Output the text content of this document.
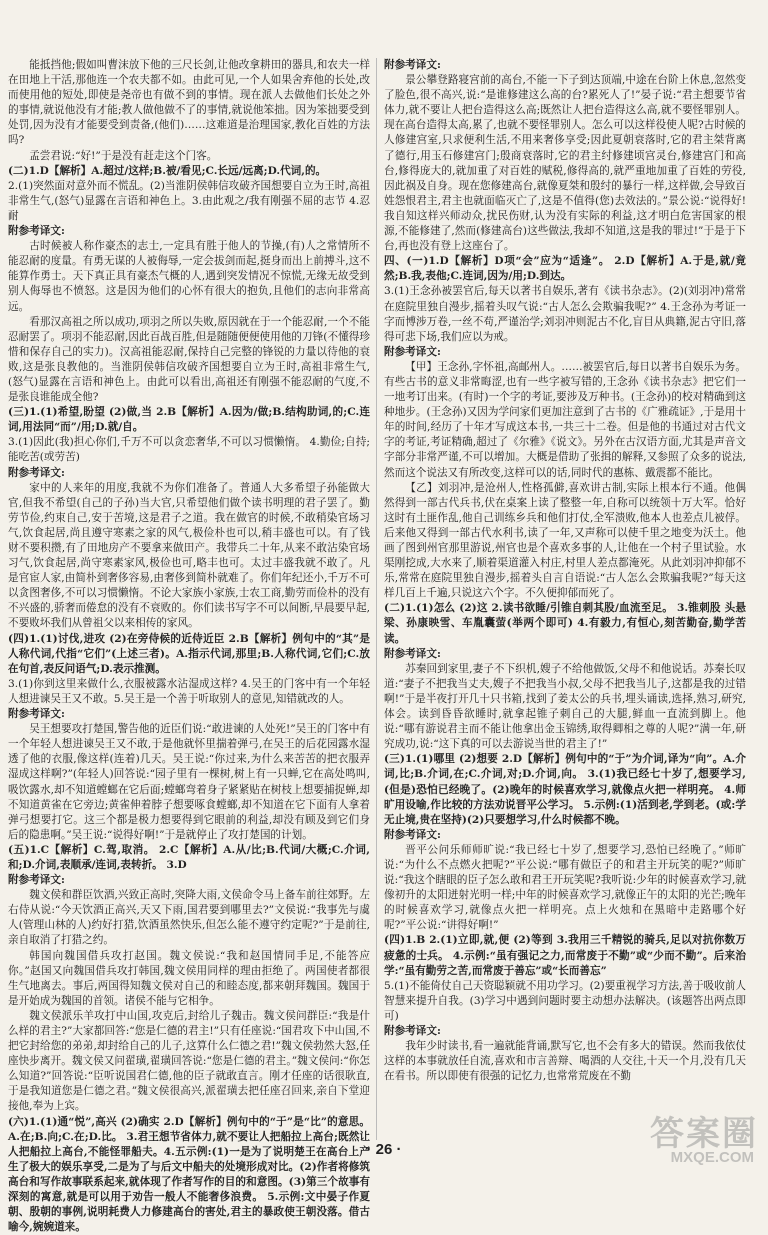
能抵挡他;假如叫曹沫放下他的三尺长剑,让他改拿耕田的器具,和农夫一样在田地上干活,那他连一个农夫都不如。由此可见,一个人如果舍弃他的长处,改而使用他的短处,即使是尧帝也有做不到的事情。现在派人去做他们长处之外的事情,就说他没有才能;教人做他做不了的事情,就说他笨拙。因为笨拙要受到处罚,因为没有才能要受到责备,(他们)……这难道是治理国家,教化百姓的方法吗?

孟尝君说:“好!”于是没有赶走这个门客。

(二)1.D【解析】A.超过/这样;B.被/看见;C.长远/远离;D.代词,的。

2.(1)突然面对意外而不慌乱。(2)当淮阴侯韩信攻破齐国想要自立为王时,高祖非常生气,(怒气)显露在言语和神色上。3.由此观之/我有刚强不屈的志节 4.忍耐

附参考译文:

古时候被人称作豪杰的志士,一定具有胜于他人的节操,(有)人之常情所不能忍耐的度量。有勇无谋的人被侮辱,一定会拔剑而起,挺身而出上前搏斗,这不能算作勇士。天下真正具有豪杰气概的人,遇到突发情况不惊慌,无缘无故受到别人侮辱也不愤怒。这是因为他们的心怀有很大的抱负,且他们的志向非常高远。

看那汉高祖之所以成功,项羽之所以失败,原因就在于一个能忍耐,一个不能忍耐罢了。项羽不能忍耐,因此百战百胜,但是随随便便使用他的刀锋(不懂得珍惜和保存自己的实力)。汉高祖能忍耐,保持自己完整的锋锐的力量以待他的衰败,这是张良教他的。当淮阴侯韩信攻破齐国想要自立为王时,高祖非常生气,(怒气)显露在言语和神色上。由此可以看出,高祖还有刚强不能忍耐的气度,不是张良谁能成全他?

(三)1.(1)希望,盼望 (2)做,当 2.B【解析】A.因为/做;B.结构助词,的;C.连词,用法同“而”/用;D.就/自。

3.(1)因此(我)担心你们,千万不可以贪恋奢华,不可以习惯懒惰。 4.勤俭;自持;能吃苦(或劳苦)

附参考译文:

家中的人来年的用度,我就不为你们准备了。普通人大多希望子孙能做大官,但我不希望(自己的子孙)当大官,只希望他们做个读书明理的君子罢了。勤劳节俭,约束自己,安于苦境,这是君子之道。我在做官的时候,不敢稍染官场习气,饮食起居,尚且遵守寒素之家的风气,极俭朴也可以,稍丰盛也可以。有了钱财不要积攒,有了田地房产不要拿来做田产。我带兵二十年,从来不敢沾染官场习气,饮食起居,尚守寒素家风,极俭也可,略丰也可。太过丰盛我就不敢了。凡是官宦人家,由简朴到奢侈容易,由奢侈到简朴就难了。你们年纪还小,千万不可以贪图奢侈,不可以习惯懒惰。不论大家族小家族,士农工商,勤劳而俭朴的没有不兴盛的,骄奢而倦怠的没有不衰败的。你们读书写字不可以间断,早晨要早起,不要败坏我们从曾祖父以来相传的家风。

(四)1.(1)讨伐,进攻 (2)在旁侍候的近侍近臣 2.B【解析】例句中的“其”是人称代词,代指“它们”(上述三者)。A.指示代词,那里;B.人称代词,它们;C.放在句首,表反问语气;D.表示推测。

3.(1)你到这里来做什么,衣服被露水沾湿成这样? 4.吴王的门客中有一个年轻人想进谏吴王又不敢。5.吴王是一个善于听取别人的意见,知错就改的人。

附参考译文:

吴王想要攻打楚国,警告他的近臣们说:“敢进谏的人处死!”吴王的门客中有一个年轻人想进谏吴王又不敢,于是他就怀里揣着弹弓,在吴王的后花园露水湿透了他的衣服,像这样(连着)几天。吴王说:“你过来,为什么来苦苦的把衣服弄湿成这样啊?”(年轻人)回答说:“园子里有一棵树,树上有一只蝉,它在高处鸣叫,吸饮露水,却不知道螳螂在它后面;螳螂弯着身子紧紧贴在树枝上想要捕捉蝉,却不知道黄雀在它旁边;黄雀伸着脖子想要啄食螳螂,却不知道在它下面有人拿着弹弓想要打它。这三个都是极力想要得到它眼前的利益,却没有顾及到它们身后的隐患啊。”吴王说:“说得好啊!”于是就停止了攻打楚国的计划。

(五)1.C【解析】C.驾,取消。 2.C【解析】A.从/比;B.代词/大概;C.介词,和;D.介词,表顺承/连词,表转折。 3.D

附参考译文:

魏文侯和群臣饮酒,兴致正高时,突降大雨,文侯命令马上备车前往郊野。左右侍从说:“今天饮酒正高兴,天又下雨,国君要到哪里去?”文侯说:“我事先与虞人(管理山林的人)约好打猎,饮酒虽然快乐,但怎么能不遵守约定呢?”于是前往,亲自取消了打猎之约。

韩国向魏国借兵攻打赵国。魏文侯说:“我和赵国情同手足,不能答应你。”赵国又向魏国借兵攻打韩国,魏文侯用同样的理由拒绝了。两国使者都很生气地离去。事后,两国得知魏文侯对自己的和睦态度,都来朝拜魏国。魏国于是开始成为魏国的首领。诸侯不能与它相争。

魏文侯派乐羊攻打中山国,攻克后,封给儿子魏击。魏文侯问群臣:“我是什么样的君主?”大家都回答:“您是仁德的君主!”只有任座说:“国君攻下中山国,不把它封给您的弟弟,却封给自己的儿子,这算什么仁德之君!”魏文侯勃然大怒,任座快步离开。魏文侯又问翟璜,翟璜回答说:“您是仁德的君主。”魏文侯问:“你怎么知道?”回答说:“臣听说国君仁德,他的臣子就敢直言。刚才任座的话很耿直,于是我知道您是仁德之君。”魏文侯很高兴,派翟璜去把任座召回来,亲自下堂迎接他,奉为上宾。

(六)1.(1)通“悦”,高兴 (2)确实 2.D【解析】例句中的“于”是“比”的意思。A.在;B.向;C.在;D.比。 3.君王想节省体力,就不要让人把船拉上高台;既然让人把船拉上高台,不能怪罪船夫。4.五示例:(1)一是为了说明楚王在高台上产生了极大的娱乐享受,二是为了与后文中船夫的处境形成对比。(2)作者将修筑高台和写作故事联系起来,就体现了作者写作的目的和意图。(3)第三个故事有深刻的寓意,就是可以用于劝告一般人不能奢侈浪费。 5.示例:文中晏子作夏朝、殷朝的事例,说明耗费人力修建高台的害处,君主的暴政使王朝没落。借古喻今,婉婉道来。

附参考译文:

景公攀登路寝宫前的高台,不能一下子到达顶端,中途在台阶上休息,忽然变了脸色,很不高兴,说:“是谁修建这么高的台?累死人了!”晏子说:“君主想要节省体力,就不要让人把台造得这么高;既然让人把台造得这么高,就不要怪罪别人。现在高台造得太高,累了,也就不要怪罪别人。怎么可以这样役使人呢?古时候的人修建宫室,只求便利生活,不用来奢侈享受;因此夏朝衰落时,它的君主桀背离了德行,用玉石修建宫门;殷商衰落时,它的君主纣修建顷宫灵台,修建宫门和高台,修得庞大的,就加重了对百姓的赋税,修得高的,就严重地加重了百姓的劳役,因此祸及自身。现在您修建高台,就像夏桀和殷纣的暴行一样,这样做,会导致百姓怨恨君主,君主也就面临灭亡了,这是不值得(您)去效法的。”景公说:“说得好!我自知这样兴师动众,扰民伤财,认为没有实际的利益,这才明白危害国家的根源,不能修建了,然而(修建高台)这些做法,我却不知道,这是我的罪过!”于是于下台,再也没有登上这座台了。

四、(一)1.D【解析】D项“会”应为“适逢”。 2.D【解析】A.于是,就/竟然;B.我,表他;C.连词,因为/用;D.到达。

3.(1)王念孙被罢官后,每天以著书自娱乐,著有《读书杂志》。(2)(刘羽冲)常常在庭院里独自漫步,摇着头叹气说:“古人怎么会欺骗我呢?” 4.王念孙为考证一字而博涉万卷,一丝不苟,严谨治学;刘羽冲则泥古不化,盲目从典籍,泥古守旧,落得可悲下场,我们应以为戒。

附参考译文:

【甲】王念孙,字怀祖,高邮州人。……被罢官后,每日以著书自娱乐为务。有些古书的意义非常晦涩,也有一些字被写错的,王念孙《读书杂志》把它们一一地考订出来。(有时)一个字的考证,要涉及万种书。(王念孙)的校对精确到这种地步。(王念孙)又因为学问家们更加注意到了古书的《广雅疏证》,于是用十年的时间,经历了十年才写成这本书,一共三十二卷。但是他的书通过对古代文字的考证,考证精确,超过了《尔雅》《说文》。另外在古汉语方面,尤其是声音文字部分非常严谨,不可以增加。大概是借助了张揖的解释,又参照了众多的说法,然而这个说法又有所改变,这样可以的话,同时代的惠栋、戴震都不能比。

【乙】刘羽冲,是沧州人,性格孤僻,喜欢讲古制,实际上根本行不通。他偶然得到一部古代兵书,伏在桌案上读了整整一年,自称可以统领十万大军。恰好这时有土匪作乱,他自己训练乡兵和他们打仗,全军溃败,他本人也差点儿被俘。后来他又得到一部古代水利书,读了一年,又声称可以使千里之地变为沃土。他画了图到州官那里游说,州官也是个喜欢多事的人,让他在一个村子里试验。水渠刚挖成,大水来了,顺着渠道灌入村庄,村里人差点都淹死。从此刘羽冲抑郁不乐,常常在庭院里独自漫步,摇着头自言自语说:“古人怎么会欺骗我呢?”每天这样几百上千遍,只说这六个字。不久便抑郁而死了。

(二)1.(1)怎么 (2)这 2.读书欲睡/引锥自刺其股/血流至足。 3.锥刺股 头悬梁、孙康映雪、车胤囊萤(举两个即可) 4.有毅力,有恒心,刻苦勤奋,勤学苦读。

附参考译文:

苏秦回到家里,妻子不下织机,嫂子不给他做饭,父母不和他说话。苏秦长叹道:“妻子不把我当丈夫,嫂子不把我当小叔,父母不把我当儿子,这都是我的过错啊!”于是半夜打开几十只书箱,找到了姜太公的兵书,埋头诵读,选择,熟习,研究,体会。读到昏昏欲睡时,就拿起锥子刺自己的大腿,鲜血一直流到脚上。他说:“哪有游说君主而不能让他拿出金玉锦绣,取得卿相之尊的人呢?”满一年,研究成功,说:“这下真的可以去游说当世的君主了!”

(三)1.(1)哪里 (2)想要 2.D【解析】例句中的“于”为介词,译为“向”。A.介词,比;B.介词,在;C.介词,对;D.介词,向。 3.(1)我已经七十岁了,想要学习,(但是)恐怕已经晚了。(2)晚年的时候喜欢学习,就像点火把一样明亮。 4.师旷用设喻,作比较的方法劝说晋平公学习。 5.示例:(1)活到老,学到老。(或:学无止境,贵在坚持)(2)只要想学习,什么时候都不晚。

附参考译文:

晋平公问乐师师旷说:“我已经七十岁了,想要学习,恐怕已经晚了。”师旷说:“为什么不点燃火把呢?”平公说:“哪有做臣子的和君主开玩笑的呢?”师旷说:“我这个瞎眼的臣子怎么敢和君王开玩笑呢?我听说:少年的时候喜欢学习,就像初升的太阳迸射光明一样;中年的时候喜欢学习,就像正午的太阳的光芒;晚年的时候喜欢学习,就像点火把一样明亮。点上火烛和在黑暗中走路哪个好呢?”平公说:“讲得好啊!”

(四)1.B 2.(1)立即,就,便 (2)等到 3.我用三千精锐的骑兵,足以对抗你数万疲惫的士兵。 4.示例:“虽有强记之力,而常废于不勤”或“少而不勤”。后来治学:“虽有勤劳之苦,而常废于善忘”或“长而善忘”

5.(1)不能倚仗自己天资聪颖就不用功学习。(2)要重视学习方法,善于吸收前人智慧来提升自我。(3)学习中遇到问题时要主动想办法解决。(该题答出两点即可)

附参考译文:

我年少时读书,看一遍就能背诵,默写它,也不会有多大的错误。然而我依仗这样的本事就放任自流,喜欢和市言善辩、喝酒的人交往,十天一个月,没有几天在看书。所以即使有很强的记忆力,也常常荒废在不勤

· 26 ·	答案圈
MXQE.COM
